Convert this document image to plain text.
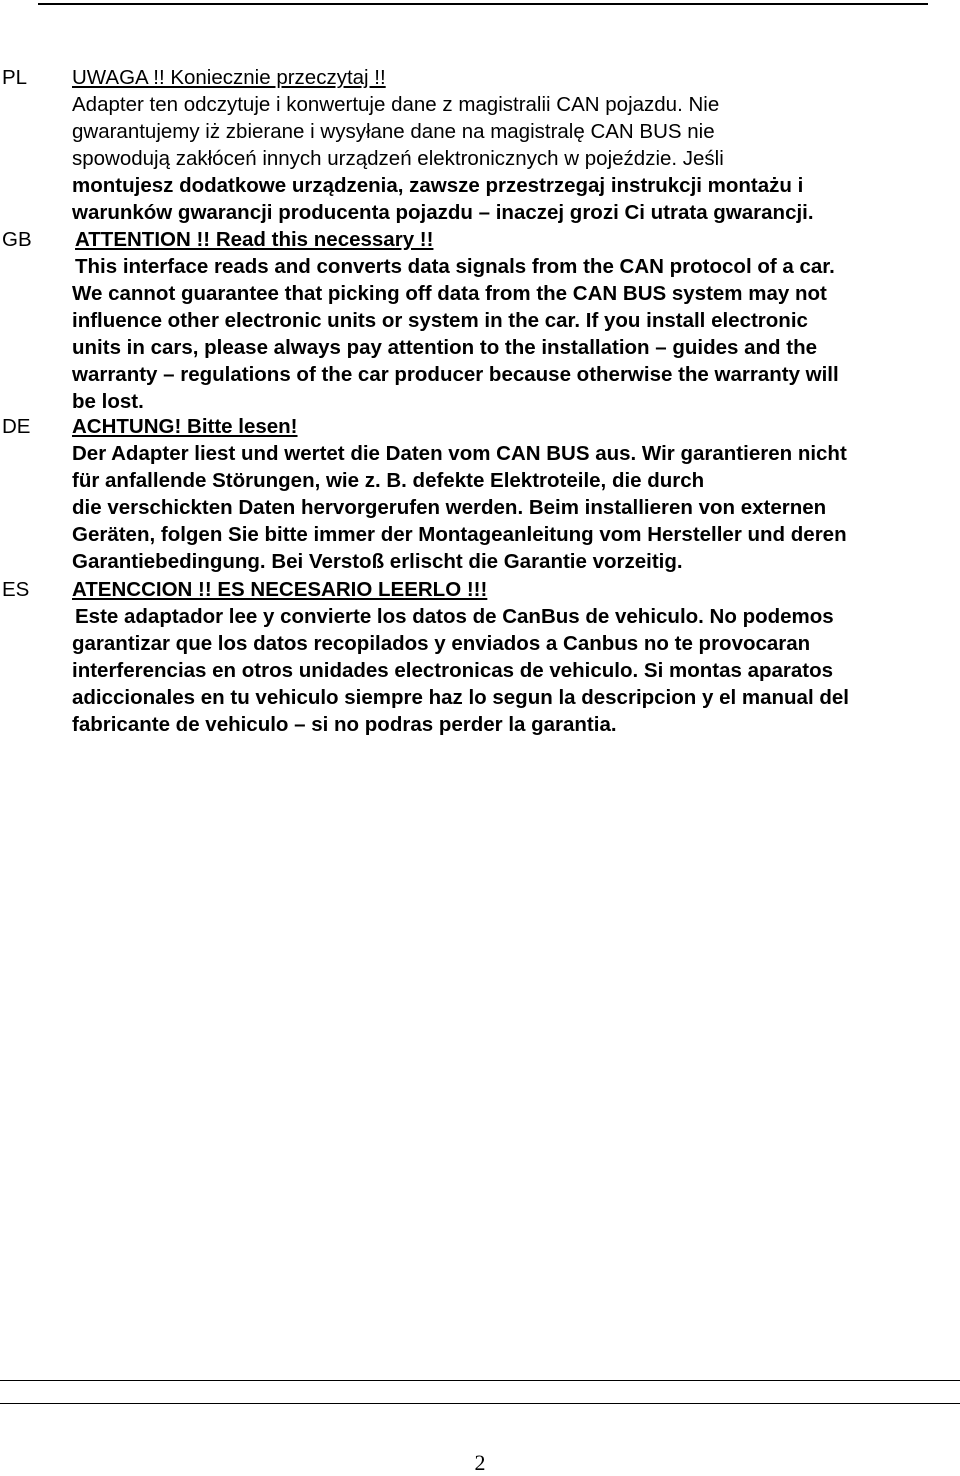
PL UWAGA !! Koniecznie przeczytaj !!
Adapter ten odczytuje i konwertuje dane z magistralii CAN pojazdu. Nie
gwarantujemy iż zbierane i wysyłane dane na magistralę CAN BUS nie
spowodują zakłóceń innych urządzeń elektronicznych w pojeździe. Jeśli
montujesz dodatkowe urządzenia, zawsze przestrzegaj instrukcji montażu i
warunków gwarancji producenta pojazdu – inaczej grozi Ci utrata gwarancji.
GB ATTENTION !! Read this necessary !!
This interface reads and converts data signals from the CAN protocol of a car.
We cannot guarantee that picking off data from the CAN BUS system may not
influence other electronic units or system in the car. If you install electronic
units in cars, please always pay attention to the installation – guides and the
warranty – regulations of the car producer because otherwise the warranty will
be lost.
DE ACHTUNG! Bitte lesen!
Der Adapter liest und wertet die Daten vom CAN BUS aus. Wir garantieren nicht
für anfallende Störungen, wie z. B. defekte Elektroteile, die durch
die verschickten Daten hervorgerufen werden. Beim installieren von externen
Geräten, folgen Sie bitte immer der Montageanleitung vom Hersteller und deren
Garantiebedingung. Bei Verstoß erlischt die Garantie vorzeitig.
ES ATENCCION !! ES NECESARIO LEERLO !!!
Este adaptador lee y convierte los datos de CanBus de vehiculo. No podemos
garantizar que los datos recopilados y enviados a Canbus no te provocaran
interferencias en otros unidades electronicas de vehiculo. Si montas aparatos
adiccionales en tu vehiculo siempre haz lo segun la descripcion y el manual del
fabricante de vehiculo – si no podras perder la garantia.
2
